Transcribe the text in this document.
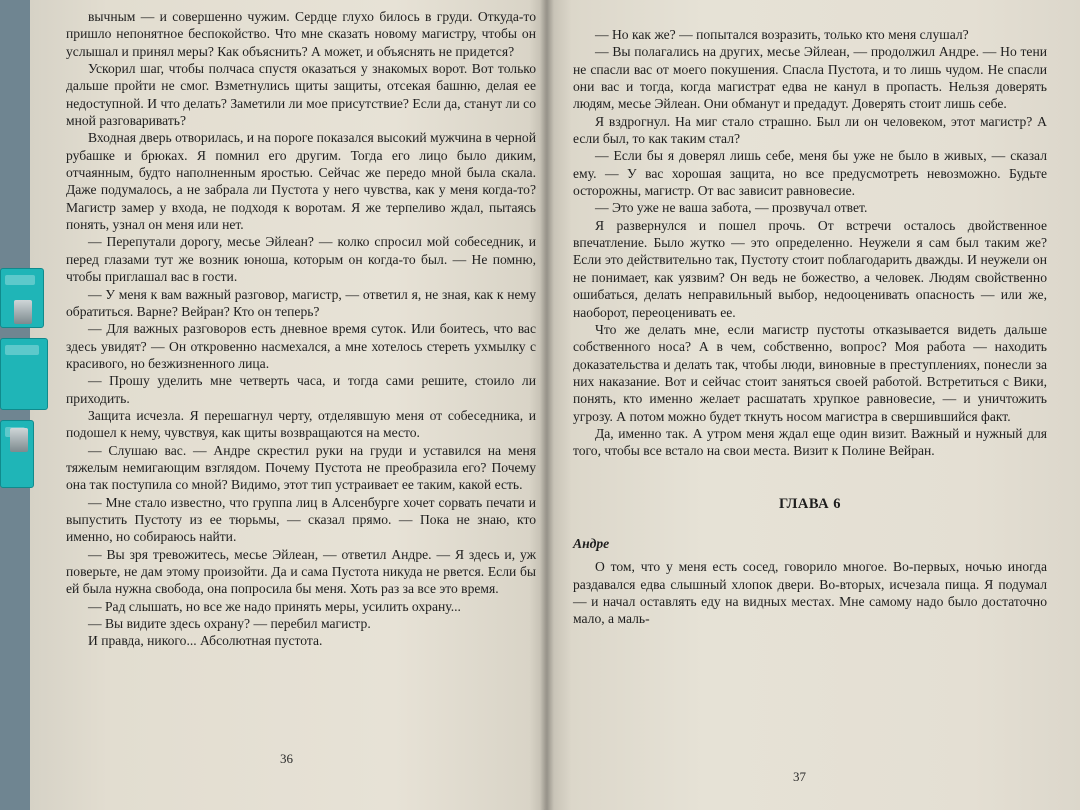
вычным — и совершенно чужим. Сердце глухо билось в груди. Откуда-то пришло непонятное беспокойство. Что мне сказать новому магистру, чтобы он услышал и принял меры? Как объяснить? А может, и объяснять не придется?

Ускорил шаг, чтобы полчаса спустя оказаться у знакомых ворот. Вот только дальше пройти не смог. Взметнулись щиты защиты, отсекая башню, делая ее недоступной. И что делать? Заметили ли мое присутствие? Если да, станут ли со мной разговаривать?

Входная дверь отворилась, и на пороге показался высокий мужчина в черной рубашке и брюках. Я помнил его другим. Тогда его лицо было диким, отчаянным, будто наполненным яростью. Сейчас же передо мной была скала. Даже подумалось, а не забрала ли Пустота у него чувства, как у меня когда-то? Магистр замер у входа, не подходя к воротам. Я же терпеливо ждал, пытаясь понять, узнал он меня или нет.

— Перепутали дорогу, месье Эйлеан? — колко спросил мой собеседник, и перед глазами тут же возник юноша, которым он когда-то был. — Не помню, чтобы приглашал вас в гости.

— У меня к вам важный разговор, магистр, — ответил я, не зная, как к нему обратиться. Варне? Вейран? Кто он теперь?

— Для важных разговоров есть дневное время суток. Или боитесь, что вас здесь увидят? — Он откровенно насмехался, а мне хотелось стереть ухмылку с красивого, но безжизненного лица.

— Прошу уделить мне четверть часа, и тогда сами решите, стоило ли приходить.

Защита исчезла. Я перешагнул черту, отделявшую меня от собеседника, и подошел к нему, чувствуя, как щиты возвращаются на место.

— Слушаю вас. — Андре скрестил руки на груди и уставился на меня тяжелым немигающим взглядом. Почему Пустота не преобразила его? Почему она так поступила со мной? Видимо, этот тип устраивает ее таким, какой есть.

— Мне стало известно, что группа лиц в Алсенбурге хочет сорвать печати и выпустить Пустоту из ее тюрьмы, — сказал прямо. — Пока не знаю, кто именно, но собираюсь найти.

— Вы зря тревожитесь, месье Эйлеан, — ответил Андре. — Я здесь и, уж поверьте, не дам этому произойти. Да и сама Пустота никуда не рвется. Если бы ей была нужна свобода, она попросила бы меня. Хоть раз за все это время.

— Рад слышать, но все же надо принять меры, усилить охрану...

— Вы видите здесь охрану? — перебил магистр.

И правда, никого... Абсолютная пустота.

36

— Но как же? — попытался возразить, только кто меня слушал?

— Вы полагались на других, месье Эйлеан, — продолжил Андре. — Но тени не спасли вас от моего покушения. Спасла Пустота, и то лишь чудом. Не спасли они вас и тогда, когда магистрат едва не канул в пропасть. Нельзя доверять людям, месье Эйлеан. Они обманут и предадут. Доверять стоит лишь себе.

Я вздрогнул. На миг стало страшно. Был ли он человеком, этот магистр? А если был, то как таким стал?

— Если бы я доверял лишь себе, меня бы уже не было в живых, — сказал ему. — У вас хорошая защита, но все предусмотреть невозможно. Будьте осторожны, магистр. От вас зависит равновесие.

— Это уже не ваша забота, — прозвучал ответ.

Я развернулся и пошел прочь. От встречи осталось двойственное впечатление. Было жутко — это определенно. Неужели я сам был таким же? Если это действительно так, Пустоту стоит поблагодарить дважды. И неужели он не понимает, как уязвим? Он ведь не божество, а человек. Людям свойственно ошибаться, делать неправильный выбор, недооценивать опасность — или же, наоборот, переоценивать ее.

Что же делать мне, если магистр пустоты отказывается видеть дальше собственного носа? А в чем, собственно, вопрос? Моя работа — находить доказательства и делать так, чтобы люди, виновные в преступлениях, понесли за них наказание. Вот и сейчас стоит заняться своей работой. Встретиться с Вики, понять, кто именно желает расшатать хрупкое равновесие, — и уничтожить угрозу. А потом можно будет ткнуть носом магистра в свершившийся факт.

Да, именно так. А утром меня ждал еще один визит. Важный и нужный для того, чтобы все встало на свои места. Визит к Полине Вейран.

ГЛАВА 6

Андре

О том, что у меня есть сосед, говорило многое. Во-первых, ночью иногда раздавался едва слышный хлопок двери. Во-вторых, исчезала пища. Я подумал — и начал оставлять еду на видных местах. Мне самому надо было достаточно мало, а маль-

37
